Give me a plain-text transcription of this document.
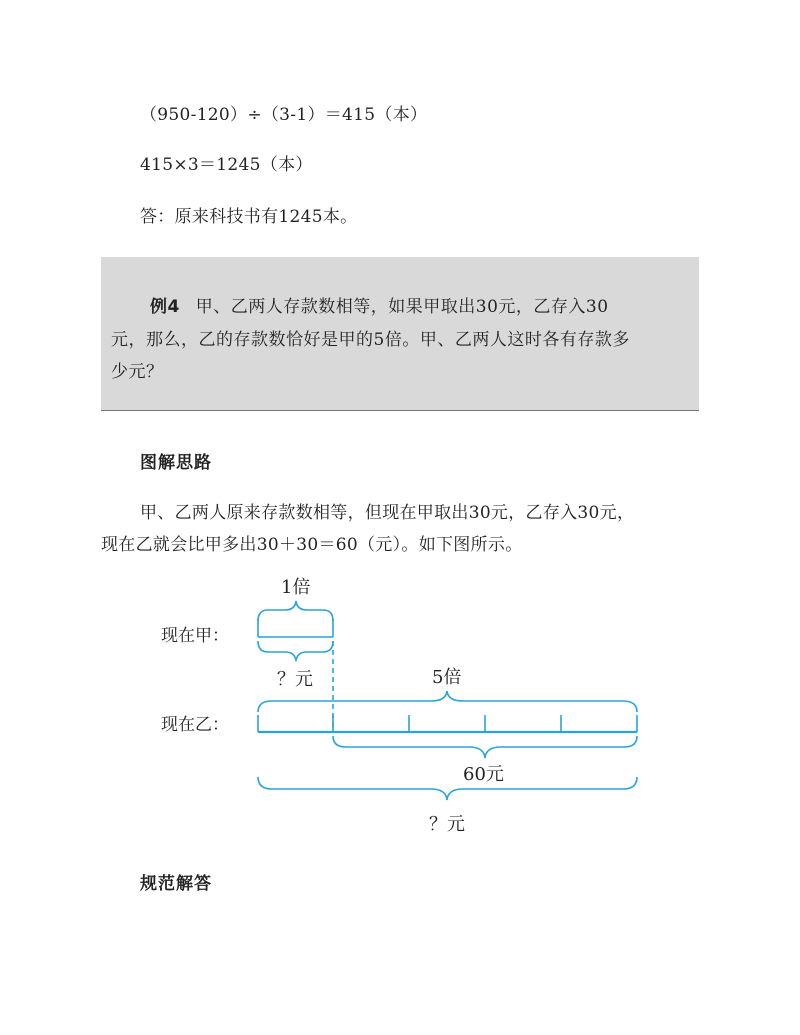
（950-120）÷（3-1）＝415（本）
415×3＝1245（本）
答：原来科技书有1245本。
例4 甲、乙两人存款数相等，如果甲取出30元，乙存入30
元，那么，乙的存款数恰好是甲的5倍。甲、乙两人这时各有存款多
少元？
图解思路
甲、乙两人原来存款数相等，但现在甲取出30元，乙存入30元，
现在乙就会比甲多出30＋30＝60（元）。如下图所示。
1倍
现在甲：
？元	5倍
现在乙：
60元
？元
规范解答
